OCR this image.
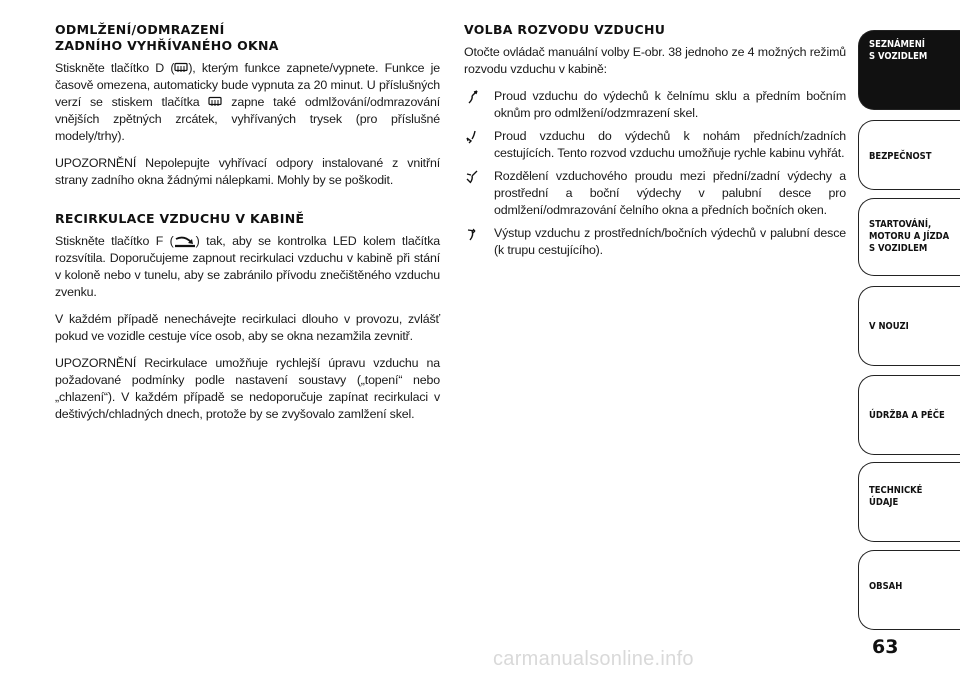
ODMLŽENÍ/ODMRAZENÍ
ZADNÍHO VYHŘÍVANÉHO OKNA

Stiskněte tlačítko D ( ), kterým funkce zapnete/vypnete. Funkce je časově omezena, automaticky bude vypnuta za 20 minut. U příslušných verzí se stiskem tlačítka  zapne také odmlžování/odmrazování vnějších zpětných zrcátek, vyhřívaných trysek (pro příslušné modely/trhy).

UPOZORNĚNÍ Nepolepujte vyhřívací odpory instalované z vnitřní strany zadního okna žádnými nálepkami. Mohly by se poškodit.

RECIRKULACE VZDUCHU V KABINĚ

Stiskněte tlačítko F ( ) tak, aby se kontrolka LED kolem tlačítka rozsvítila. Doporučujeme zapnout recirkulaci vzduchu v kabině při stání v koloně nebo v tunelu, aby se zabránilo přívodu znečištěného vzduchu zvenku.

V každém případě nenechávejte recirkulaci dlouho v provozu, zvlášť pokud ve vozidle cestuje více osob, aby se okna nezamžila zevnitř.

UPOZORNĚNÍ Recirkulace umožňuje rychlejší úpravu vzduchu na požadované podmínky podle nastavení soustavy („topení“ nebo „chlazení“). V každém případě se nedoporučuje zapínat recirkulaci v deštivých/chladných dnech, protože by se zvyšovalo zamlžení skel.

VOLBA ROZVODU VZDUCHU

Otočte ovládač manuální volby E-obr. 38 jednoho ze 4 možných režimů rozvodu vzduchu v kabině:

Proud vzduchu do výdechů k čelnímu sklu a předním bočním oknům pro odmlžení/odzmrazení skel.

Proud vzduchu do výdechů k nohám předních/zadních cestujících. Tento rozvod vzduchu umožňuje rychle kabinu vyhřát.

Rozdělení vzduchového proudu mezi přední/zadní výdechy a prostřední a boční výdechy v palubní desce pro odmlžení/odmrazování čelního okna a předních bočních oken.

Výstup vzduchu z prostředních/bočních výdechů v palubní desce (k trupu cestujícího).

SEZNÁMENÍ
S VOZIDLEM
BEZPEČNOST
STARTOVÁNÍ,
MOTORU A JÍZDA
S VOZIDLEM
V NOUZI
ÚDRŽBA A PÉČE
TECHNICKÉ
ÚDAJE
OBSAH
63
carmanualsonline.info
